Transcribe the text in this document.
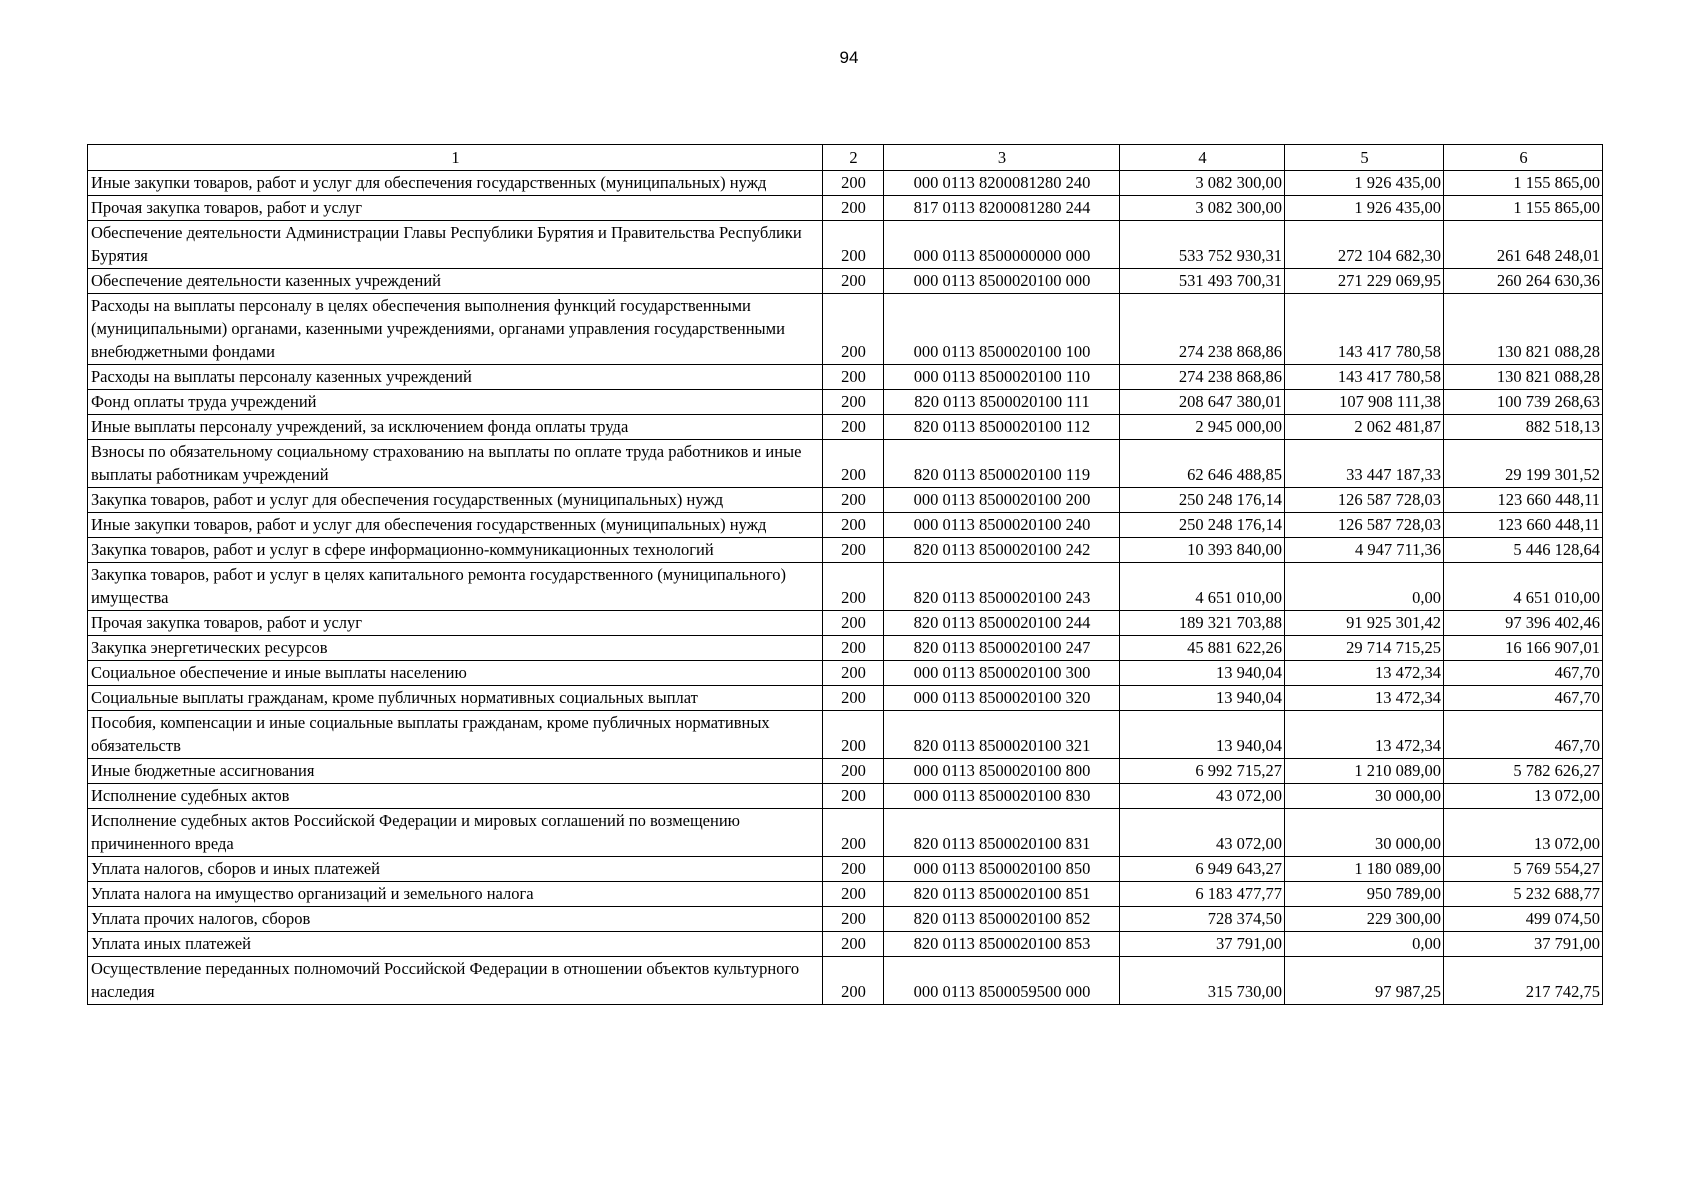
94
1	2	3	4	5	6
Иные закупки товаров, работ и услуг для обеспечения государственных (муниципальных) нужд	200	000 0113 8200081280 240	3 082 300,00	1 926 435,00	1 155 865,00
Прочая закупка товаров, работ и услуг	200	817 0113 8200081280 244	3 082 300,00	1 926 435,00	1 155 865,00
Обеспечение деятельности Администрации Главы Республики Бурятия и Правительства Республики Бурятия	200	000 0113 8500000000 000	533 752 930,31	272 104 682,30	261 648 248,01
Обеспечение деятельности казенных учреждений	200	000 0113 8500020100 000	531 493 700,31	271 229 069,95	260 264 630,36
Расходы на выплаты персоналу в целях обеспечения выполнения функций государственными (муниципальными) органами, казенными учреждениями, органами управления государственными внебюджетными фондами	200	000 0113 8500020100 100	274 238 868,86	143 417 780,58	130 821 088,28
Расходы на выплаты персоналу казенных учреждений	200	000 0113 8500020100 110	274 238 868,86	143 417 780,58	130 821 088,28
Фонд оплаты труда учреждений	200	820 0113 8500020100 111	208 647 380,01	107 908 111,38	100 739 268,63
Иные выплаты персоналу учреждений, за исключением фонда оплаты труда	200	820 0113 8500020100 112	2 945 000,00	2 062 481,87	882 518,13
Взносы по обязательному социальному страхованию на выплаты по оплате труда работников и иные выплаты работникам учреждений	200	820 0113 8500020100 119	62 646 488,85	33 447 187,33	29 199 301,52
Закупка товаров, работ и услуг для обеспечения государственных (муниципальных) нужд	200	000 0113 8500020100 200	250 248 176,14	126 587 728,03	123 660 448,11
Иные закупки товаров, работ и услуг для обеспечения государственных (муниципальных) нужд	200	000 0113 8500020100 240	250 248 176,14	126 587 728,03	123 660 448,11
Закупка товаров, работ и услуг в сфере информационно-коммуникационных технологий	200	820 0113 8500020100 242	10 393 840,00	4 947 711,36	5 446 128,64
Закупка товаров, работ и услуг в целях капитального ремонта государственного (муниципального) имущества	200	820 0113 8500020100 243	4 651 010,00	0,00	4 651 010,00
Прочая закупка товаров, работ и услуг	200	820 0113 8500020100 244	189 321 703,88	91 925 301,42	97 396 402,46
Закупка энергетических ресурсов	200	820 0113 8500020100 247	45 881 622,26	29 714 715,25	16 166 907,01
Социальное обеспечение и иные выплаты населению	200	000 0113 8500020100 300	13 940,04	13 472,34	467,70
Социальные выплаты гражданам, кроме публичных нормативных социальных выплат	200	000 0113 8500020100 320	13 940,04	13 472,34	467,70
Пособия, компенсации и иные социальные выплаты гражданам, кроме публичных нормативных обязательств	200	820 0113 8500020100 321	13 940,04	13 472,34	467,70
Иные бюджетные ассигнования	200	000 0113 8500020100 800	6 992 715,27	1 210 089,00	5 782 626,27
Исполнение судебных актов	200	000 0113 8500020100 830	43 072,00	30 000,00	13 072,00
Исполнение судебных актов Российской Федерации и мировых соглашений по возмещению причиненного вреда	200	820 0113 8500020100 831	43 072,00	30 000,00	13 072,00
Уплата налогов, сборов и иных платежей	200	000 0113 8500020100 850	6 949 643,27	1 180 089,00	5 769 554,27
Уплата налога на имущество организаций и земельного налога	200	820 0113 8500020100 851	6 183 477,77	950 789,00	5 232 688,77
Уплата прочих налогов, сборов	200	820 0113 8500020100 852	728 374,50	229 300,00	499 074,50
Уплата иных платежей	200	820 0113 8500020100 853	37 791,00	0,00	37 791,00
Осуществление переданных полномочий Российской Федерации в отношении объектов культурного наследия	200	000 0113 8500059500 000	315 730,00	97 987,25	217 742,75
